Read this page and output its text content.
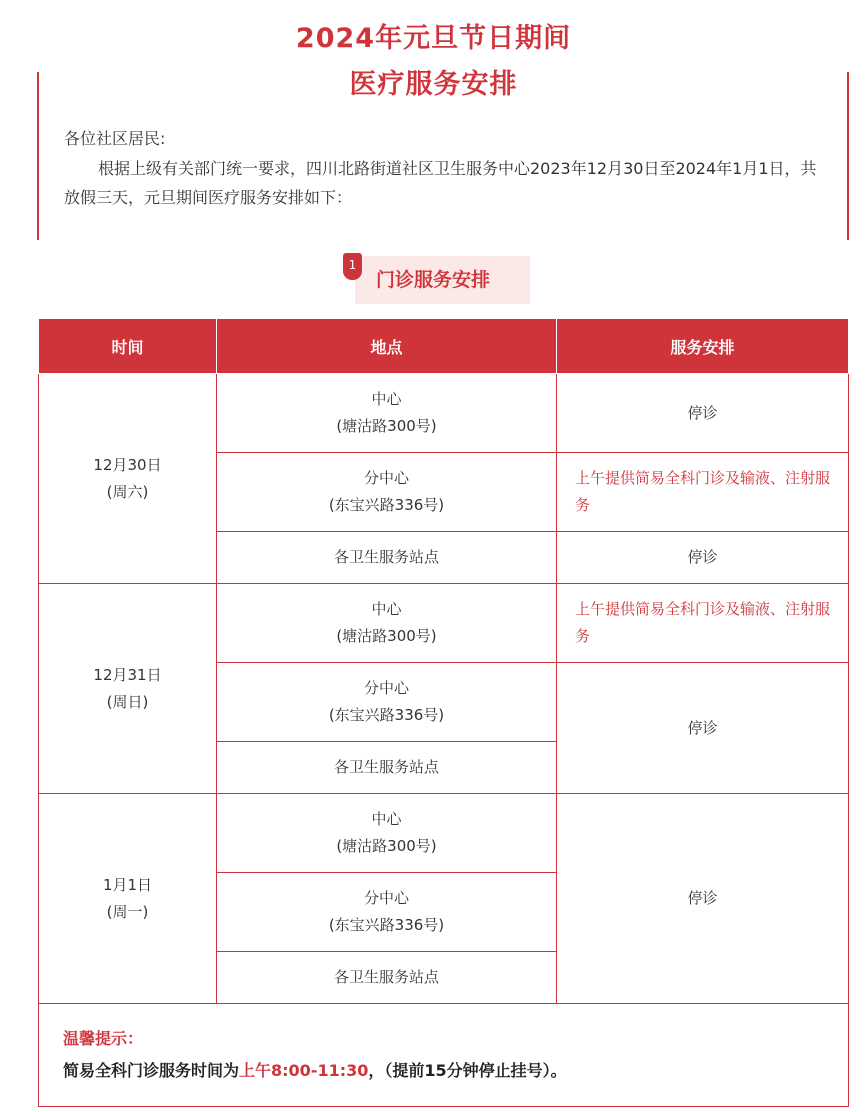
2024年元旦节日期间
医疗服务安排
各位社区居民:
根据上级有关部门统一要求，四川北路街道社区卫生服务中心2023年12月30日至2024年1月1日，共放假三天，元旦期间医疗服务安排如下：
1
门诊服务安排
时间	地点	服务安排

12月30日
(周六)	中心
(塘沽路300号)	停诊

	分中心
(东宝兴路336号)	上午提供简易全科门诊及输液、注射服务
	各卫生服务站点	停诊

12月31日
(周日)	中心
(塘沽路300号)	上午提供简易全科门诊及输液、注射服务

	分中心
(东宝兴路336号)	停诊
	各卫生服务站点	

1月1日
(周一)	中心
(塘沽路300号)	停诊

	分中心
(东宝兴路336号)	

	各卫生服务站点	

温馨提示：
简易全科门诊服务时间为上午8:00-11:30，（提前15分钟停止挂号）。		
